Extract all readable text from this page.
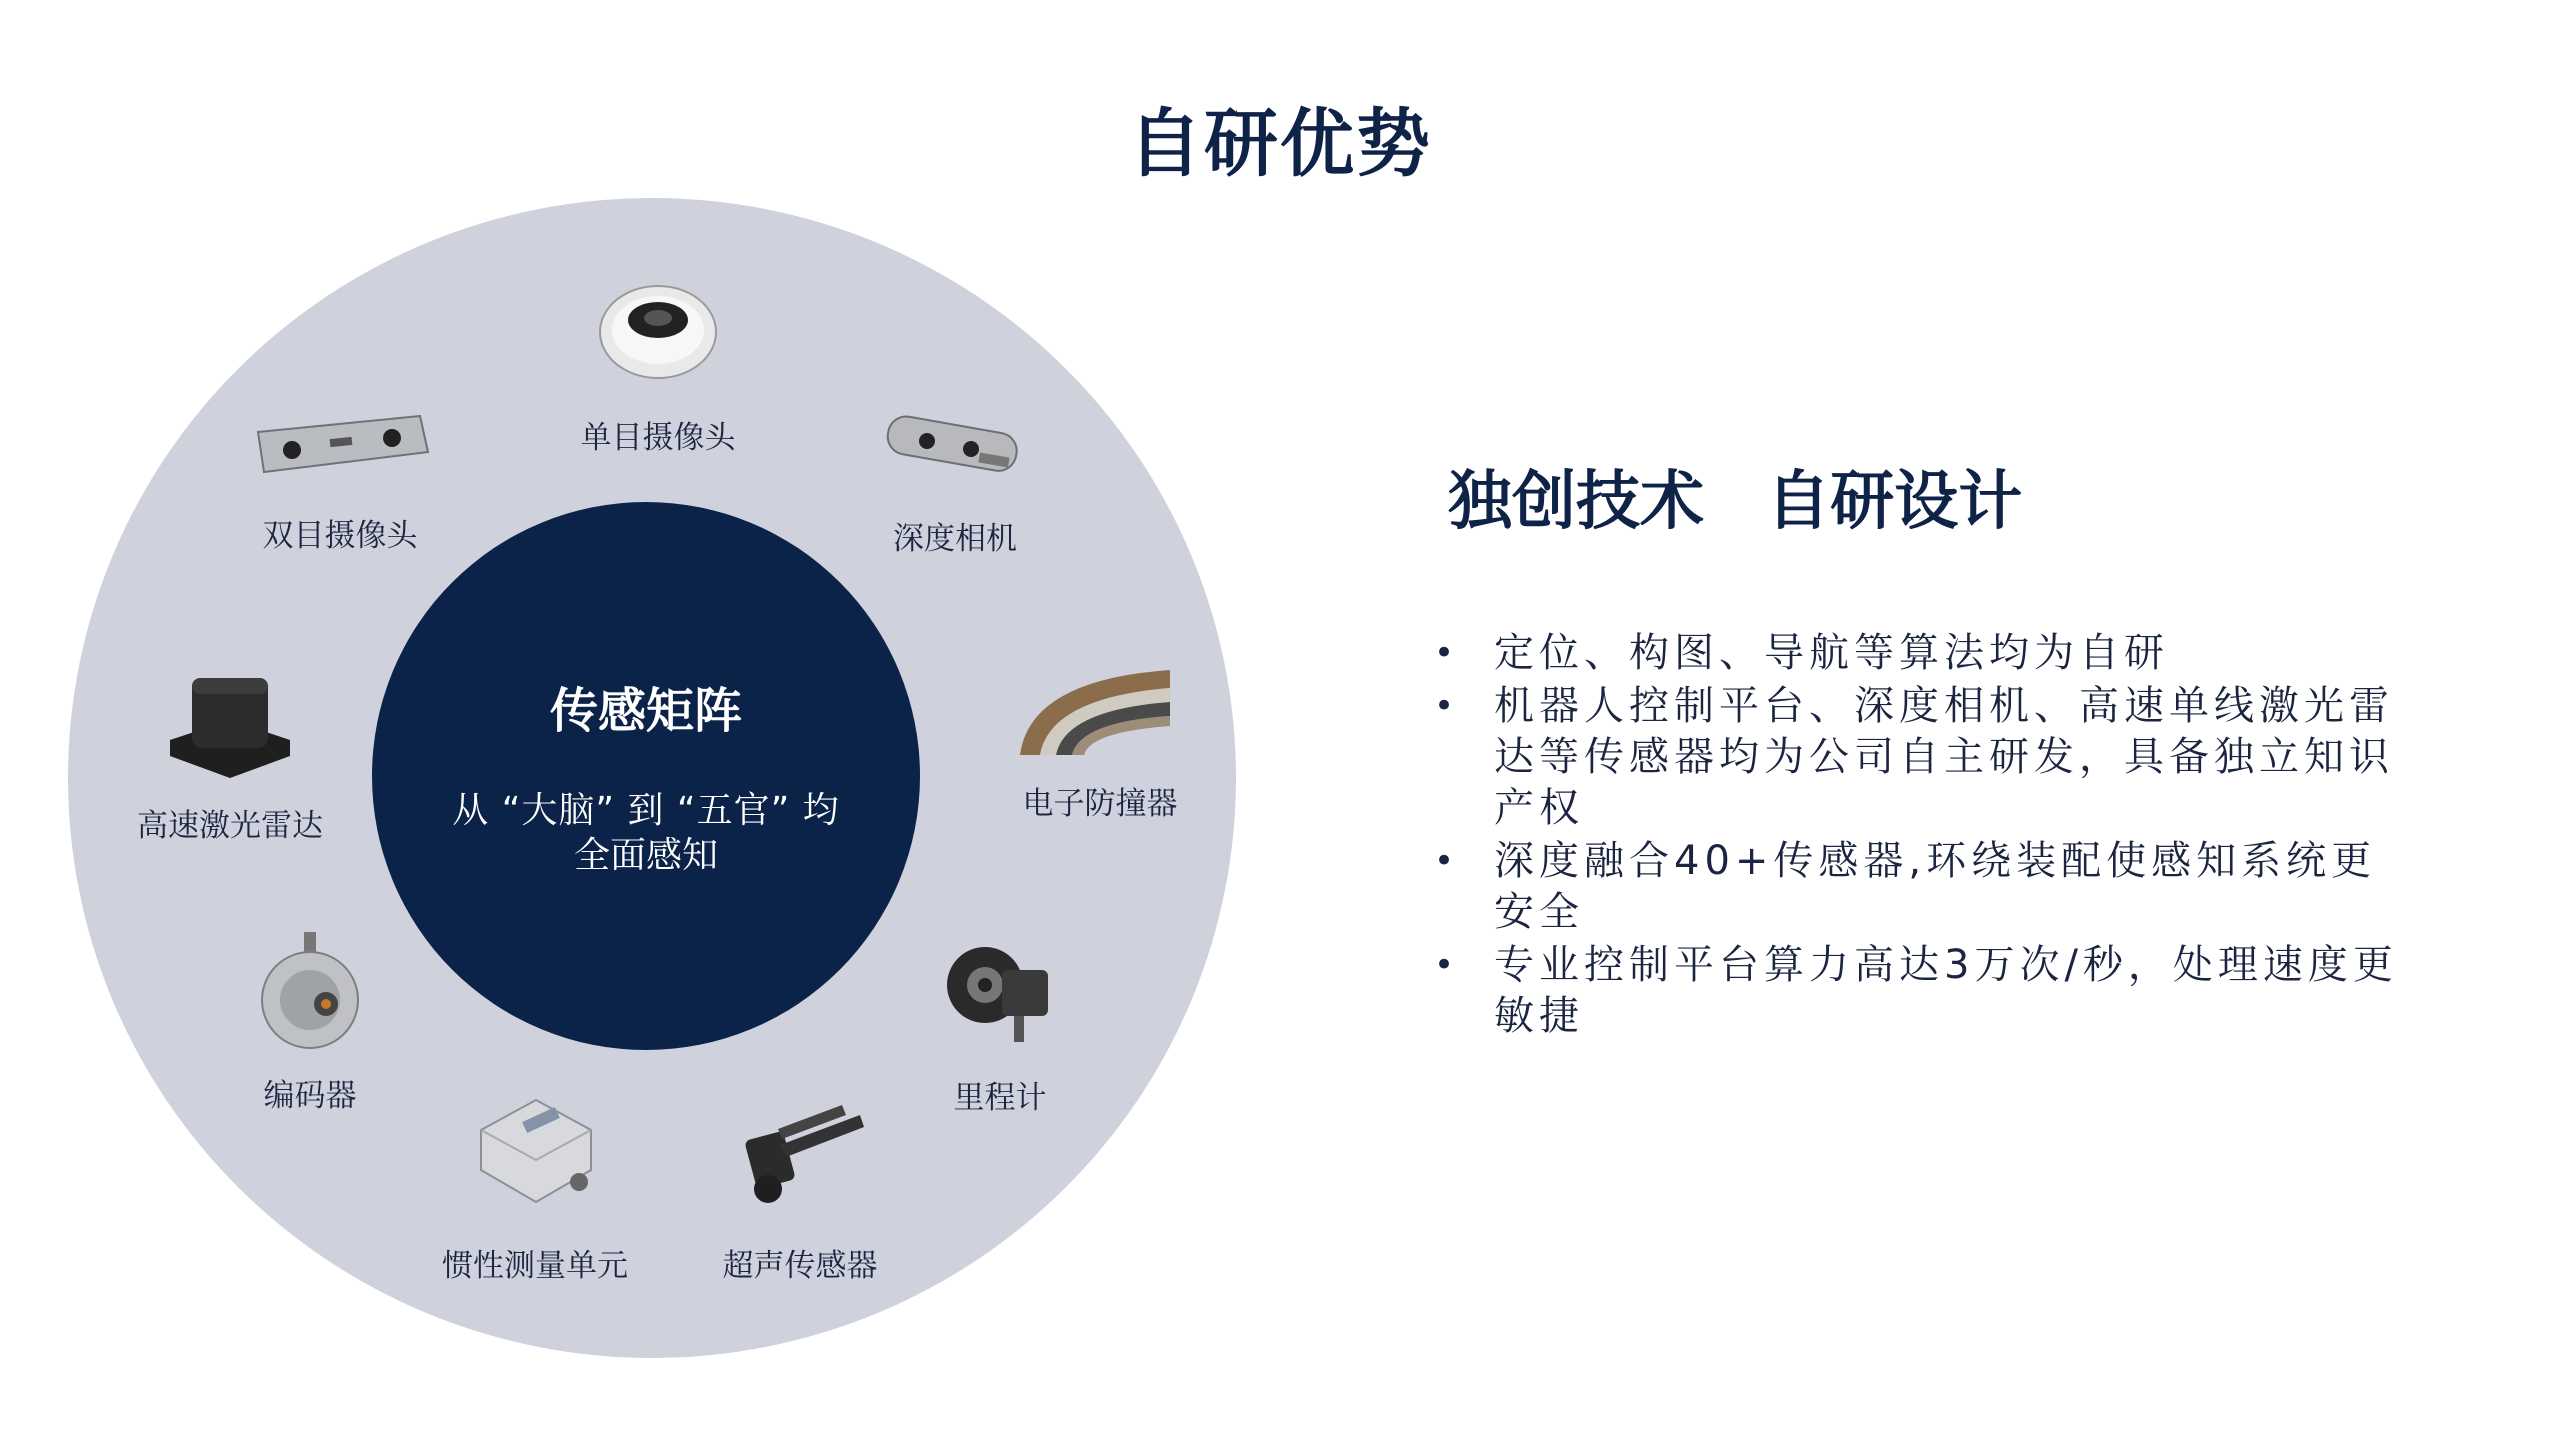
自研优势
传感矩阵
从 “大脑” 到 “五官” 均
全面感知
单目摄像头
深度相机
电子防撞器
里程计
超声传感器
惯性测量单元
编码器
高速激光雷达
双目摄像头	独创技术 自研设计
• 定位、构图、导航等算法均为自研
• 机器人控制平台、深度相机、高速单线激光雷达等传感器均为公司自主研发，具备独立知识产权
• 深度融合40+传感器,环绕装配使感知系统更安全
• 专业控制平台算力高达3万次/秒，处理速度更敏捷
